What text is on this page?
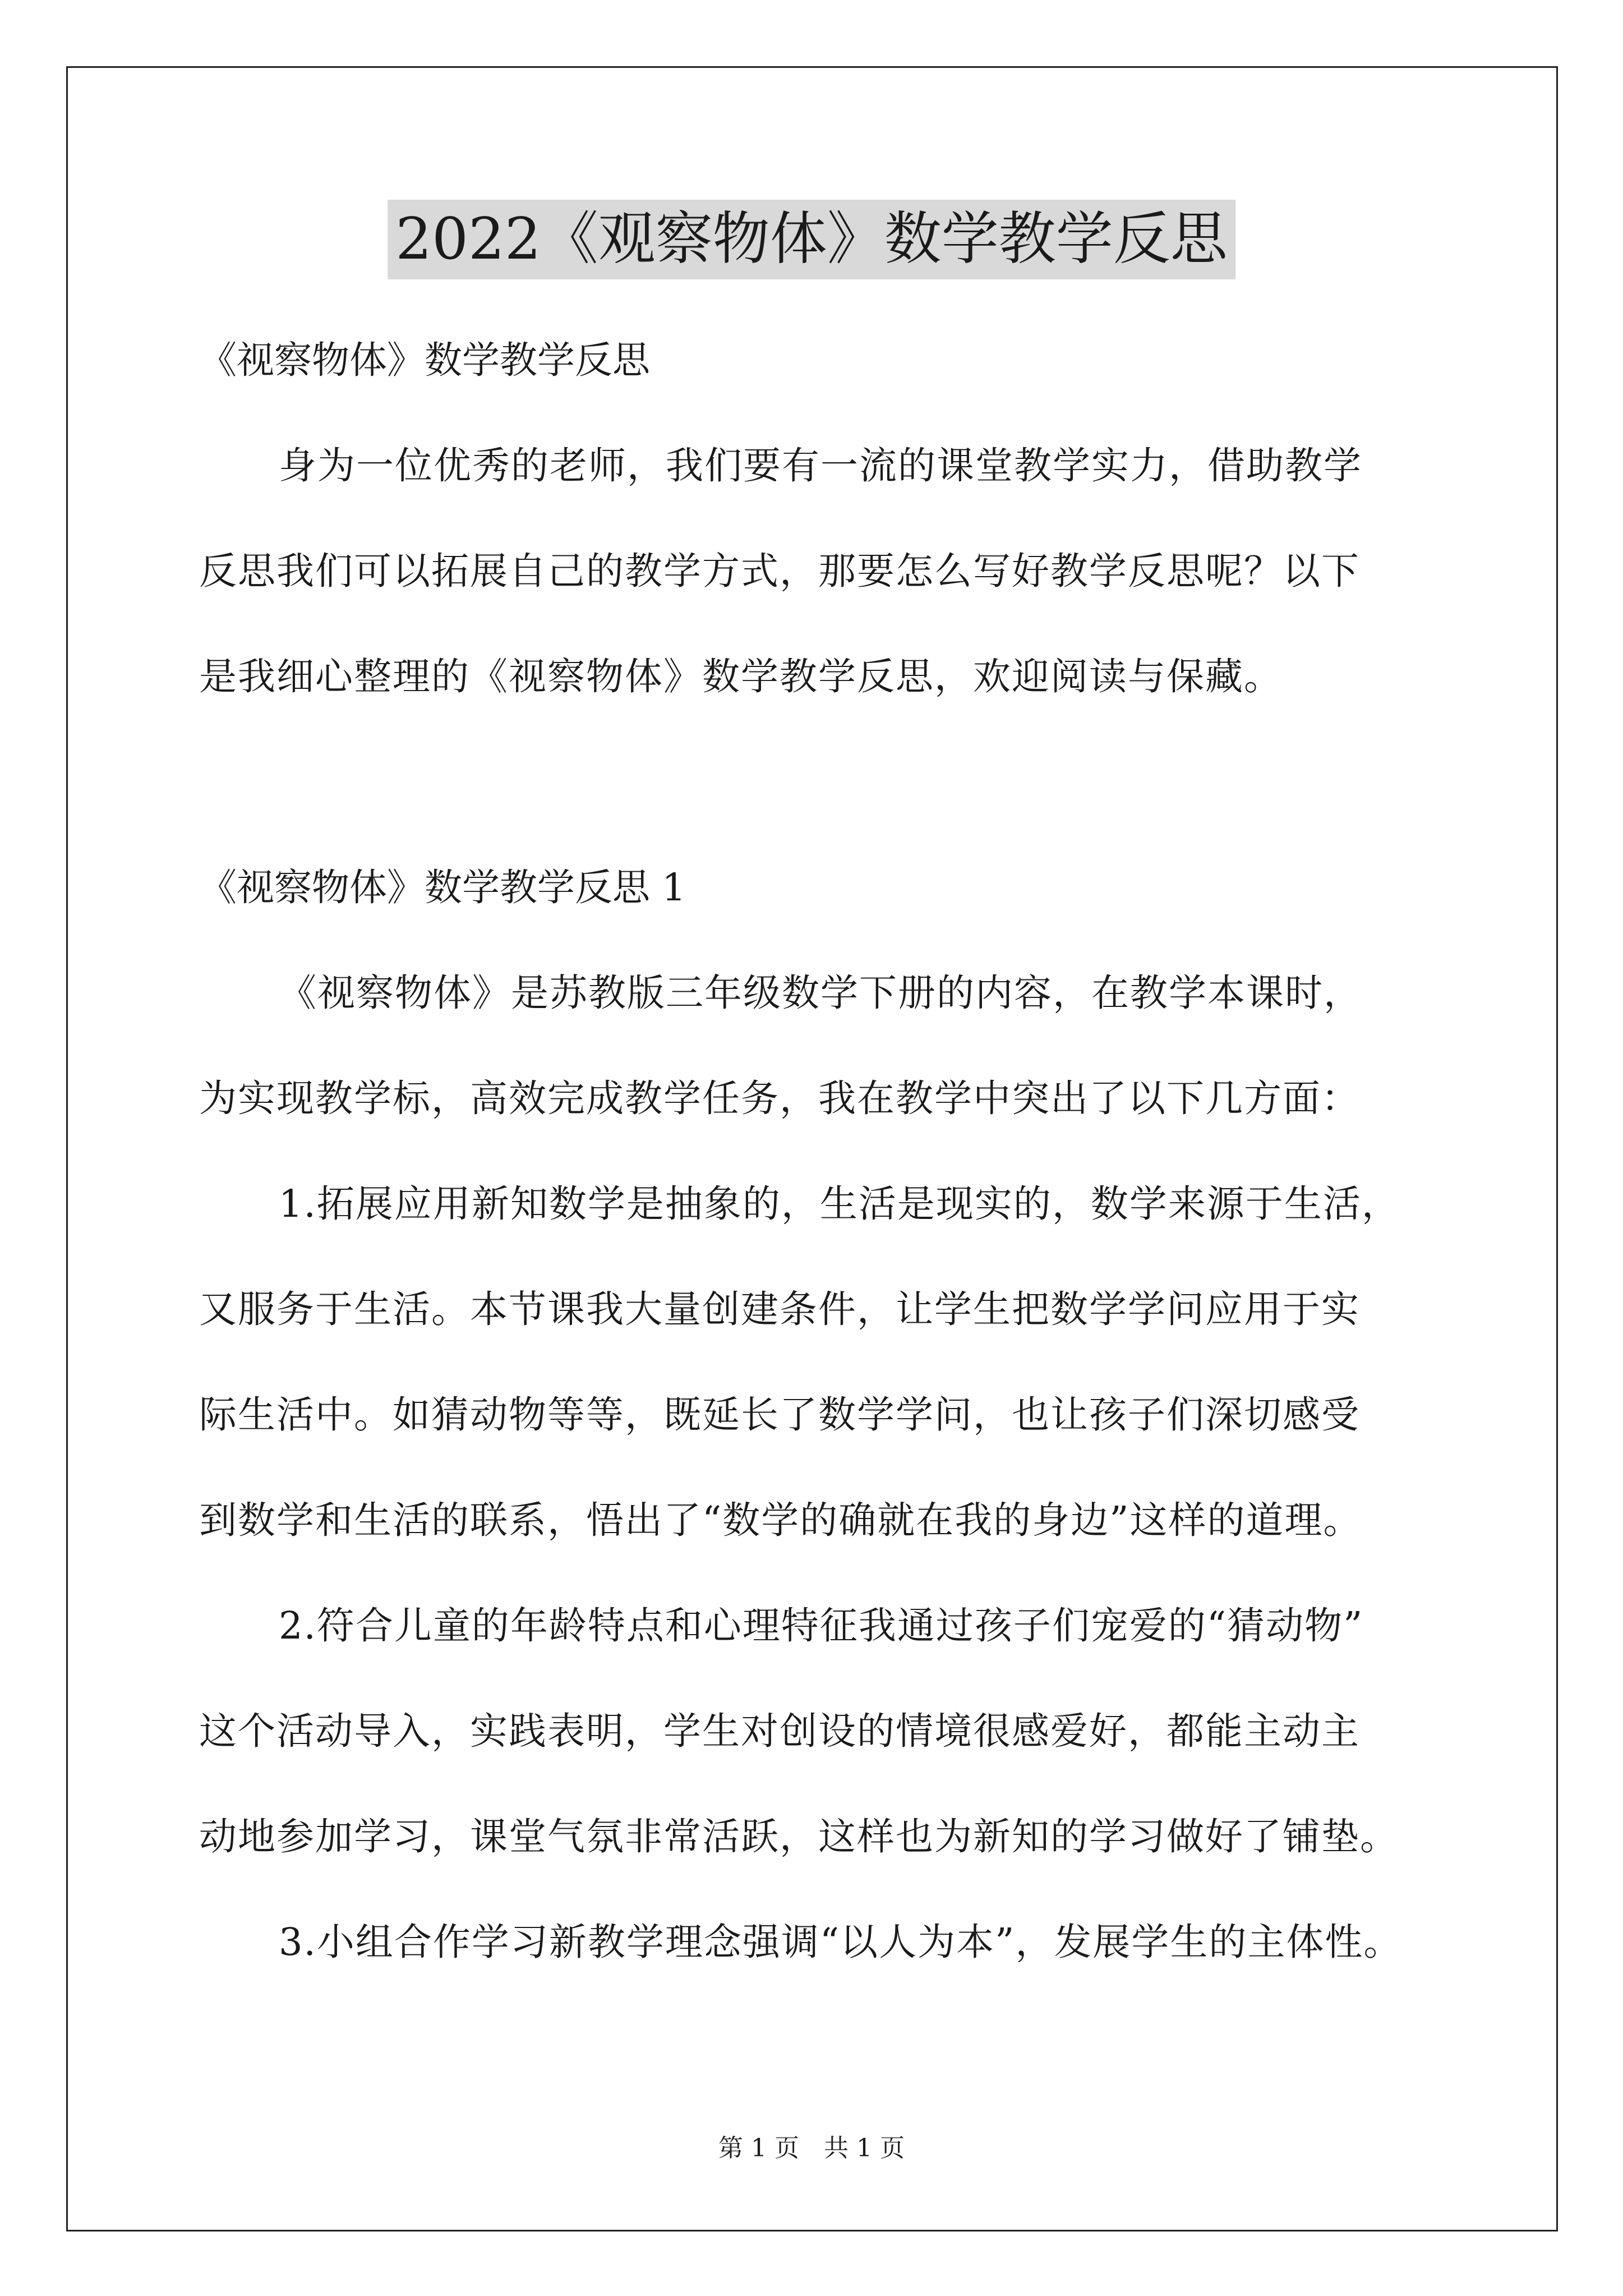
2022《观察物体》数学教学反思

《视察物体》数学教学反思

身为一位优秀的老师，我们要有一流的课堂教学实力，借助教学

反思我们可以拓展自己的教学方式，那要怎么写好教学反思呢？以下

是我细心整理的《视察物体》数学教学反思，欢迎阅读与保藏。

《视察物体》数学教学反思 1

《视察物体》是苏教版三年级数学下册的内容，在教学本课时，

为实现教学标，高效完成教学任务，我在教学中突出了以下几方面：

1.拓展应用新知数学是抽象的，生活是现实的，数学来源于生活，

又服务于生活。本节课我大量创建条件，让学生把数学学问应用于实

际生活中。如猜动物等等，既延长了数学学问，也让孩子们深切感受

到数学和生活的联系，悟出了“数学的确就在我的身边”这样的道理。

2.符合儿童的年龄特点和心理特征我通过孩子们宠爱的“猜动物”

这个活动导入，实践表明，学生对创设的情境很感爱好，都能主动主

动地参加学习，课堂气氛非常活跃，这样也为新知的学习做好了铺垫。

3.小组合作学习新教学理念强调“以人为本”，发展学生的主体性。

第 1 页 共 1 页
